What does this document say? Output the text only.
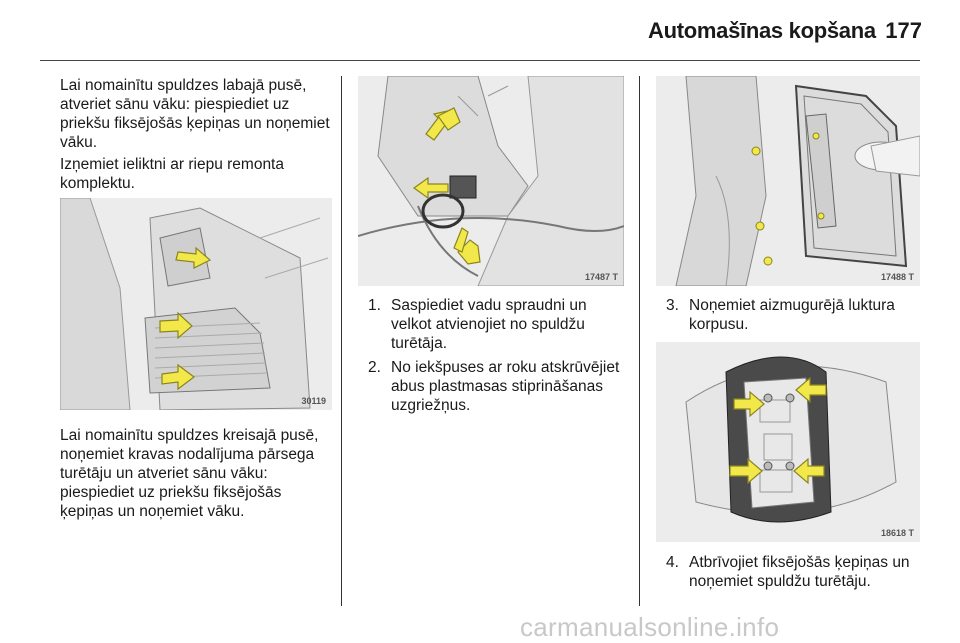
Automašīnas kopšana 177

Lai nomainītu spuldzes labajā pusē, atveriet sānu vāku: piespiediet uz priekšu fiksējošās ķepiņas un noņemiet vāku.

Izņemiet ieliktni ar riepu remonta komplektu.

30119

Lai nomainītu spuldzes kreisajā pusē, noņemiet kravas nodalījuma pārsega turētāju un atveriet sānu vāku: piespiediet uz priekšu fiksējošās ķepiņas un noņemiet vāku.

17487 T
1. Saspiediet vadu spraudni un velkot atvienojiet no spuldžu turētāja.
2. No iekšpuses ar roku atskrūvējiet abus plastmasas stiprināšanas uzgriežņus.
17488 T
3. Noņemiet aizmugurējā luktura korpusu.
18618 T
4. Atbrīvojiet fiksējošās ķepiņas un noņemiet spuldžu turētāju.
carmanualsonline.info
